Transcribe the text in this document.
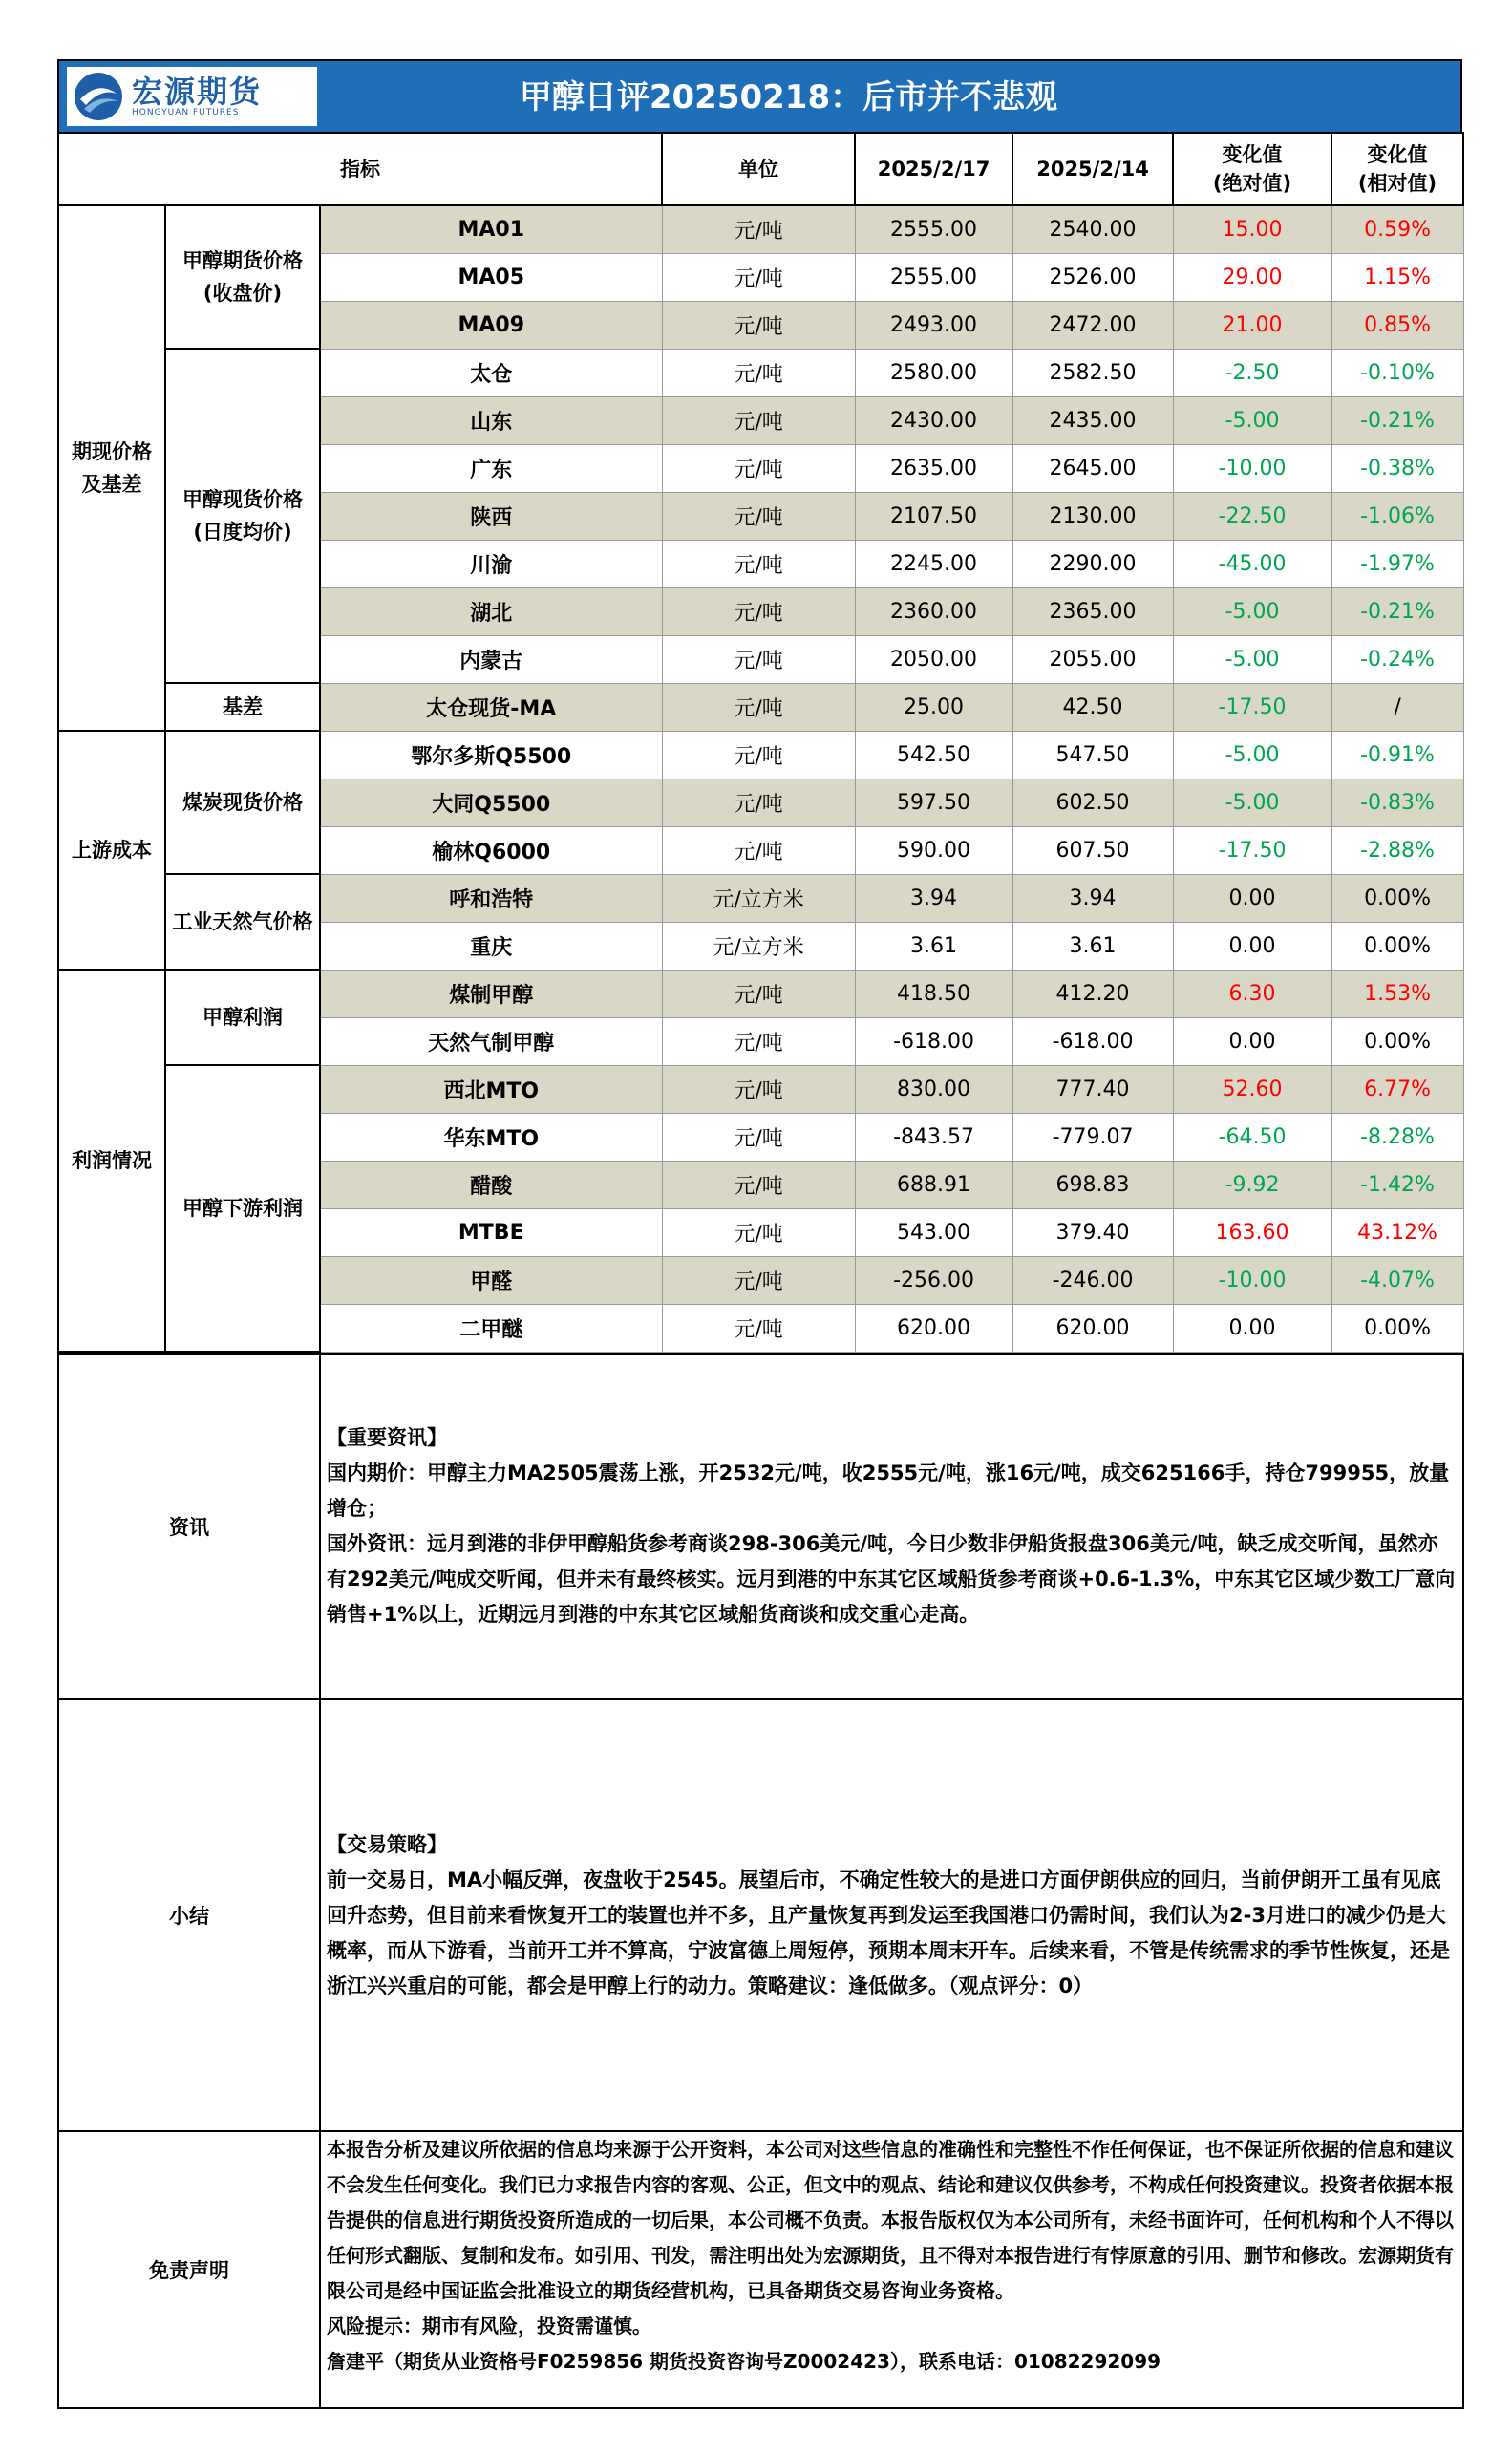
宏源期货
HONGYUAN FUTURES	甲醇日评20250218：后市并不悲观
指标			单位	2025/2/17	2025/2/14	变化值
(绝对值)	变化值
(相对值)
期现价格
及基差	甲醇期货价格
(收盘价)	MA01	元/吨	2555.00	2540.00	15.00	0.59%
		MA05	元/吨	2555.00	2526.00	29.00	1.15%
		MA09	元/吨	2493.00	2472.00	21.00	0.85%
	甲醇现货价格
(日度均价)	太仓	元/吨	2580.00	2582.50	-2.50	-0.10%
		山东	元/吨	2430.00	2435.00	-5.00	-0.21%
		广东	元/吨	2635.00	2645.00	-10.00	-0.38%
		陕西	元/吨	2107.50	2130.00	-22.50	-1.06%
		川渝	元/吨	2245.00	2290.00	-45.00	-1.97%
		湖北	元/吨	2360.00	2365.00	-5.00	-0.21%
		内蒙古	元/吨	2050.00	2055.00	-5.00	-0.24%
	基差	太仓现货-MA	元/吨	25.00	42.50	-17.50	/
上游成本	煤炭现货价格	鄂尔多斯Q5500	元/吨	542.50	547.50	-5.00	-0.91%
		大同Q5500	元/吨	597.50	602.50	-5.00	-0.83%
		榆林Q6000	元/吨	590.00	607.50	-17.50	-2.88%
	工业天然气价格	呼和浩特	元/立方米	3.94	3.94	0.00	0.00%
		重庆	元/立方米	3.61	3.61	0.00	0.00%
利润情况	甲醇利润	煤制甲醇	元/吨	418.50	412.20	6.30	1.53%
		天然气制甲醇	元/吨	-618.00	-618.00	0.00	0.00%
	甲醇下游利润	西北MTO	元/吨	830.00	777.40	52.60	6.77%
		华东MTO	元/吨	-843.57	-779.07	-64.50	-8.28%
		醋酸	元/吨	688.91	698.83	-9.92	-1.42%
		MTBE	元/吨	543.00	379.40	163.60	43.12%
		甲醛	元/吨	-256.00	-246.00	-10.00	-4.07%
		二甲醚	元/吨	620.00	620.00	0.00	0.00%
资讯	【重要资讯】

国内期价：甲醇主力MA2505震荡上涨，开2532元/吨，收2555元/吨，涨16元/吨，成交625166手，持仓799955，放量增仓；

国外资讯：远月到港的非伊甲醇船货参考商谈298-306美元/吨，今日少数非伊船货报盘306美元/吨，缺乏成交听闻，虽然亦有292美元/吨成交听闻，但并未有最终核实。远月到港的中东其它区域船货参考商谈+0.6-1.3%，中东其它区域少数工厂意向销售+1%以上，近期远月到港的中东其它区域船货商谈和成交重心走高。

小结	【交易策略】

前一交易日，MA小幅反弹，夜盘收于2545。展望后市，不确定性较大的是进口方面伊朗供应的回归，当前伊朗开工虽有见底回升态势，但目前来看恢复开工的装置也并不多，且产量恢复再到发运至我国港口仍需时间，我们认为2-3月进口的减少仍是大概率，而从下游看，当前开工并不算高，宁波富德上周短停，预期本周末开车。后续来看，不管是传统需求的季节性恢复，还是浙江兴兴重启的可能，都会是甲醇上行的动力。策略建议：逢低做多。（观点评分：0）

免责声明	本报告分析及建议所依据的信息均来源于公开资料，本公司对这些信息的准确性和完整性不作任何保证，也不保证所依据的信息和建议不会发生任何变化。我们已力求报告内容的客观、公正，但文中的观点、结论和建议仅供参考，不构成任何投资建议。投资者依据本报告提供的信息进行期货投资所造成的一切后果，本公司概不负责。本报告版权仅为本公司所有，未经书面许可，任何机构和个人不得以任何形式翻版、复制和发布。如引用、刊发，需注明出处为宏源期货，且不得对本报告进行有悖原意的引用、删节和修改。宏源期货有限公司是经中国证监会批准设立的期货经营机构，已具备期货交易咨询业务资格。

风险提示：期市有风险，投资需谨慎。

詹建平（期货从业资格号F0259856 期货投资咨询号Z0002423），联系电话：01082292099
